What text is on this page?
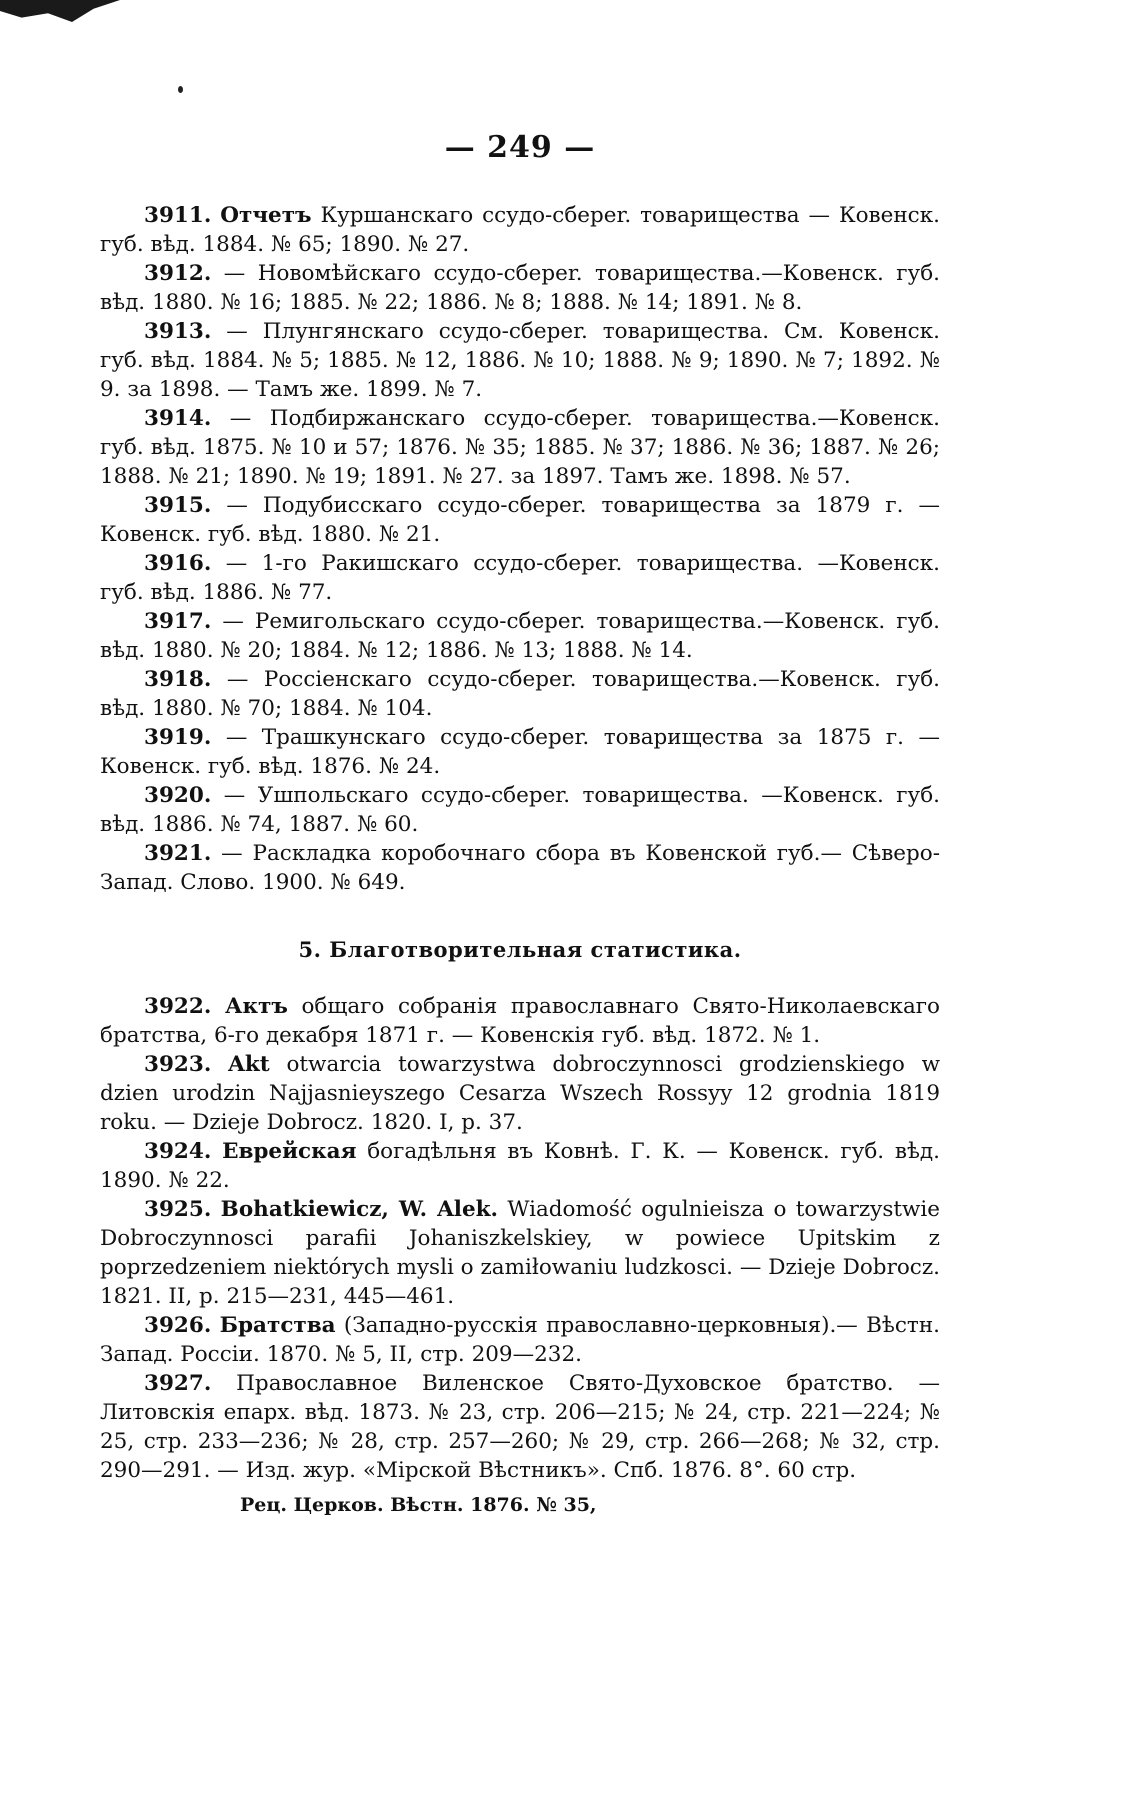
— 249 —

3911. Отчетъ Куршанскаго ссудо-сбереr. товарищества — Ковенск. губ. вѣд. 1884. № 65; 1890. № 27.

3912. — Новомѣйскаго ссудо-сбереr. товарищества.—Ковенск. губ. вѣд. 1880. № 16; 1885. № 22; 1886. № 8; 1888. № 14; 1891. № 8.

3913. — Плунгянскаго ссудо-сбереr. товарищества. См. Ковенск. губ. вѣд. 1884. № 5; 1885. № 12, 1886. № 10; 1888. № 9; 1890. № 7; 1892. № 9. за 1898. — Тамъ же. 1899. № 7.

3914. — Подбиржанскаго ссудо-сбереr. товарищества.—Ковенск. губ. вѣд. 1875. № 10 и 57; 1876. № 35; 1885. № 37; 1886. № 36; 1887. № 26; 1888. № 21; 1890. № 19; 1891. № 27. за 1897. Тамъ же. 1898. № 57.

3915. — Подубисскаго ссудо-сбереr. товарищества за 1879 г. — Ковенск. губ. вѣд. 1880. № 21.

3916. — 1-го Ракишскаго ссудо-сбереr. товарищества. —Ковенск. губ. вѣд. 1886. № 77.

3917. — Ремигольскаго ссудо-сбереr. товарищества.—Ковенск. губ. вѣд. 1880. № 20; 1884. № 12; 1886. № 13; 1888. № 14.

3918. — Россіенскаго ссудо-сбереr. товарищества.—Ковенск. губ. вѣд. 1880. № 70; 1884. № 104.

3919. — Трашкунскаго ссудо-сбереr. товарищества за 1875 г. — Ковенск. губ. вѣд. 1876. № 24.

3920. — Ушпольскаго ссудо-сбереr. товарищества. —Ковенск. губ. вѣд. 1886. № 74, 1887. № 60.

3921. — Раскладка коробочнаго сбора въ Ковенской губ.— Сѣверо-Запад. Слово. 1900. № 649.

5. Благотворительная статистика.

3922. Актъ общаго собранія православнаго Свято-Николаевскаго братства, 6-го декабря 1871 г. — Ковенскія губ. вѣд. 1872. № 1.

3923. Akt otwarcia towarzystwa dobroczynnosci grodzienskiego w dzien urodzin Najjasnieyszego Cesarza Wszech Rossyy 12 grodnia 1819 roku. — Dzieje Dobrocz. 1820. I, p. 37.

3924. Еврейская богадѣльня въ Ковнѣ. Г. К. — Ковенск. губ. вѣд. 1890. № 22.

3925. Bohatkiewicz, W. Alek. Wiadomość ogulnieisza o towarzystwie Dobroczynnosci parafii Johaniszkelskiey, w powiece Upitskim z poprzedzeniem niektórych mysli o zamiłowaniu ludzkosci. — Dzieje Dobrocz. 1821. II, p. 215—231, 445—461.

3926. Братства (Западно-русскія православно-церковныя).— Вѣстн. Запад. Россіи. 1870. № 5, II, стр. 209—232.

3927. Православное Виленское Свято-Духовское братство. — Литовскія епарх. вѣд. 1873. № 23, стр. 206—215; № 24, стр. 221—224; № 25, стр. 233—236; № 28, стр. 257—260; № 29, стр. 266—268; № 32, стр. 290—291. — Изд. жур. «Мірской Вѣстникъ». Спб. 1876. 8°. 60 стр.

Рец. Церков. Вѣстн. 1876. № 35,
